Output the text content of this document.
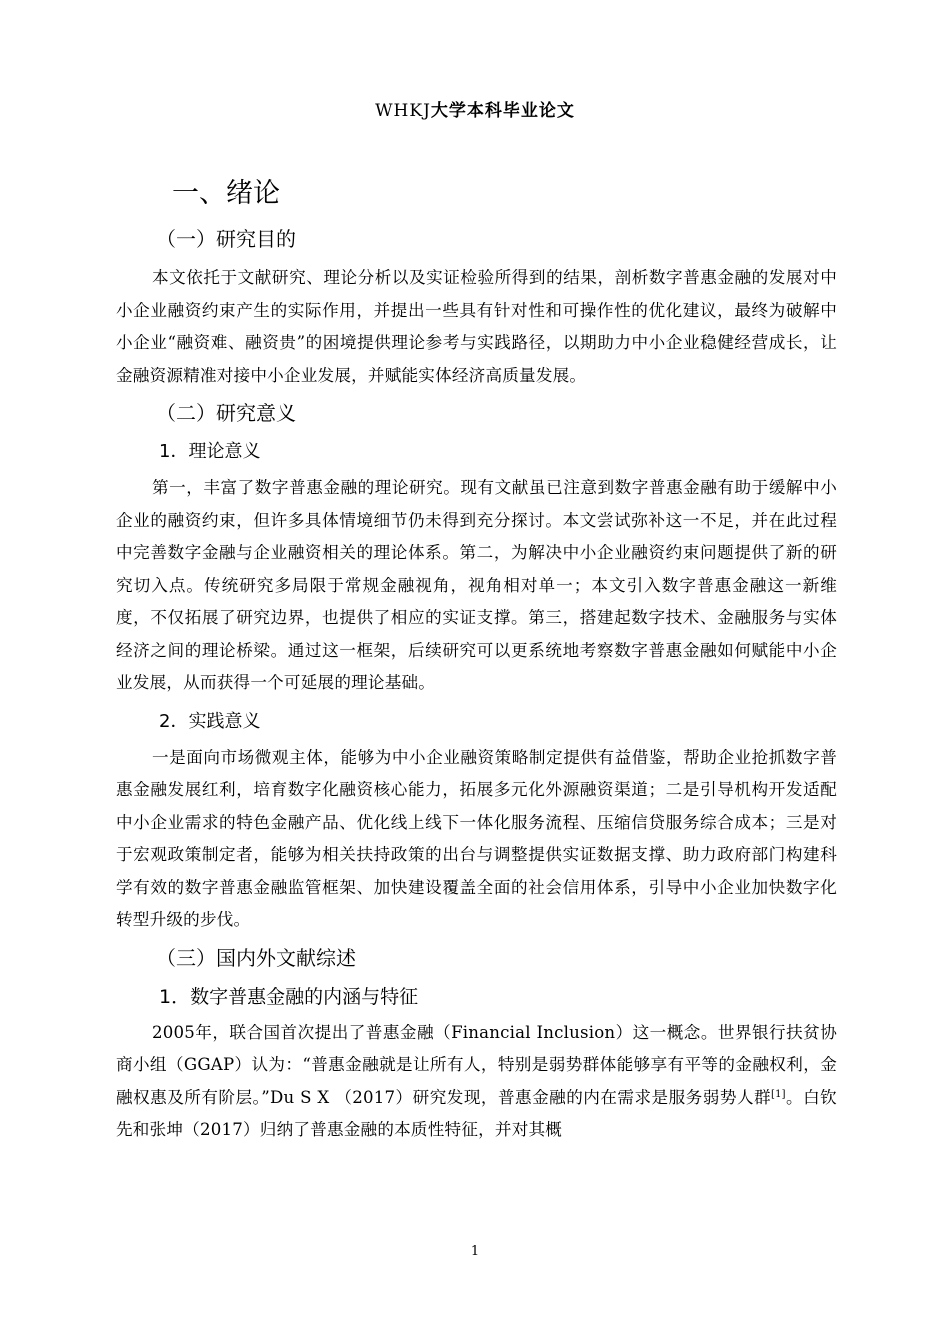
WHKJ大学本科毕业论文
一、绪论
（一）研究目的

本文依托于文献研究、理论分析以及实证检验所得到的结果，剖析数字普惠金融的发展对中小企业融资约束产生的实际作用，并提出一些具有针对性和可操作性的优化建议，最终为破解中小企业“融资难、融资贵”的困境提供理论参考与实践路径，以期助力中小企业稳健经营成长，让金融资源精准对接中小企业发展，并赋能实体经济高质量发展。

（二）研究意义
1．理论意义

第一，丰富了数字普惠金融的理论研究。现有文献虽已注意到数字普惠金融有助于缓解中小企业的融资约束，但许多具体情境细节仍未得到充分探讨。本文尝试弥补这一不足，并在此过程中完善数字金融与企业融资相关的理论体系。第二，为解决中小企业融资约束问题提供了新的研究切入点。传统研究多局限于常规金融视角，视角相对单一；本文引入数字普惠金融这一新维度，不仅拓展了研究边界，也提供了相应的实证支撑。第三，搭建起数字技术、金融服务与实体经济之间的理论桥梁。通过这一框架，后续研究可以更系统地考察数字普惠金融如何赋能中小企业发展，从而获得一个可延展的理论基础。

2．实践意义

一是面向市场微观主体，能够为中小企业融资策略制定提供有益借鉴，帮助企业抢抓数字普惠金融发展红利，培育数字化融资核心能力，拓展多元化外源融资渠道；二是引导机构开发适配中小企业需求的特色金融产品、优化线上线下一体化服务流程、压缩信贷服务综合成本；三是对于宏观政策制定者，能够为相关扶持政策的出台与调整提供实证数据支撑、助力政府部门构建科学有效的数字普惠金融监管框架、加快建设覆盖全面的社会信用体系，引导中小企业加快数字化转型升级的步伐。

（三）国内外文献综述
1．数字普惠金融的内涵与特征

2005年，联合国首次提出了普惠金融（Financial Inclusion）这一概念。世界银行扶贫协商小组（GGAP）认为：“普惠金融就是让所有人，特别是弱势群体能够享有平等的金融权利，金融权惠及所有阶层。”Du S X （2017）研究发现，普惠金融的内在需求是服务弱势人群[1]。白钦先和张坤（2017）归纳了普惠金融的本质性特征，并对其概

1
